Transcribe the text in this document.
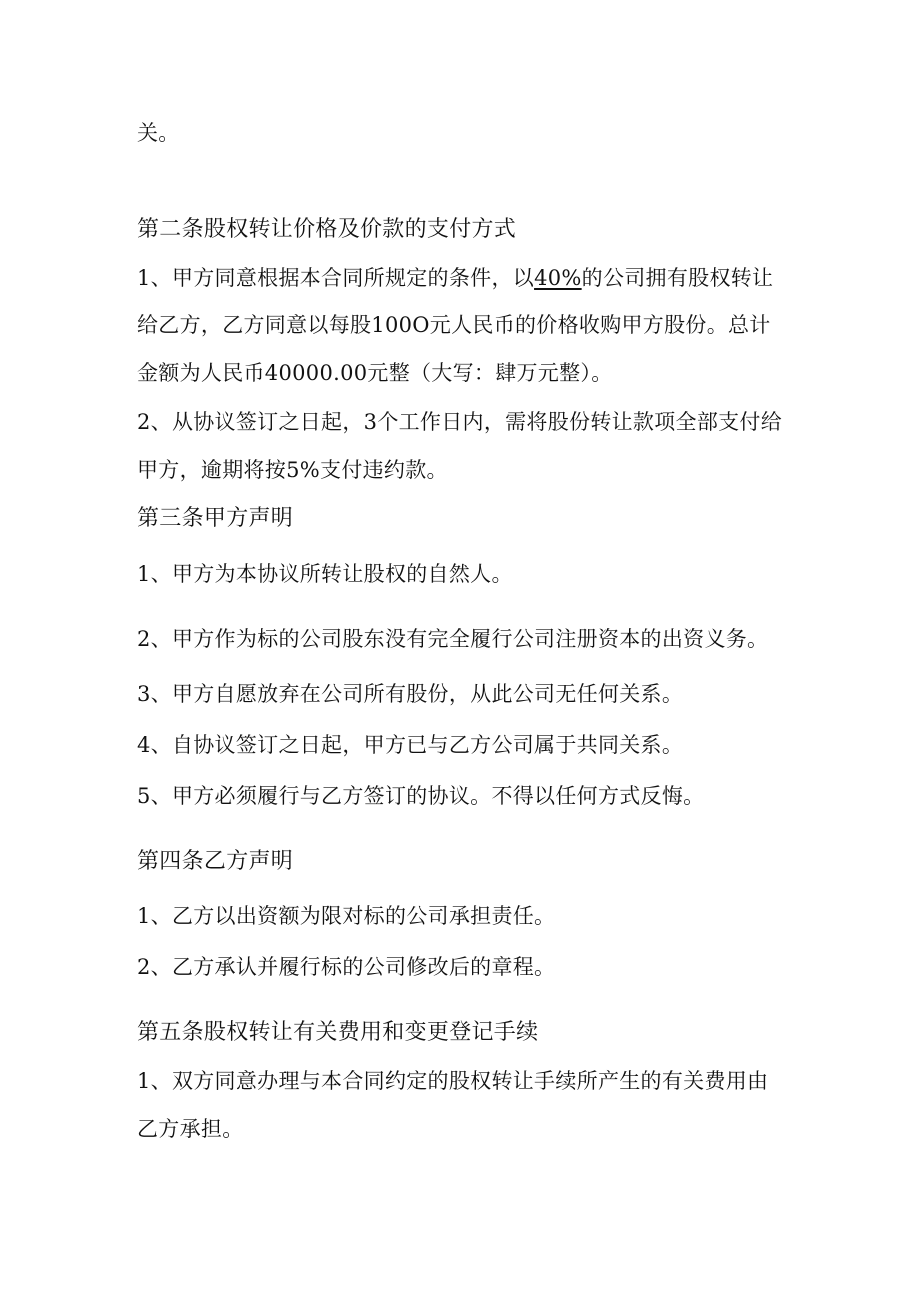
关。
第二条股权转让价格及价款的支付方式
1、甲方同意根据本合同所规定的条件，以40%的公司拥有股权转让
给乙方，乙方同意以每股100O元人民币的价格收购甲方股份。总计
金额为人民币40000.00元整（大写：肆万元整）。
2、从协议签订之日起，3个工作日内，需将股份转让款项全部支付给
甲方，逾期将按5%支付违约款。
第三条甲方声明
1、甲方为本协议所转让股权的自然人。
2、甲方作为标的公司股东没有完全履行公司注册资本的出资义务。
3、甲方自愿放弃在公司所有股份，从此公司无任何关系。
4、自协议签订之日起，甲方已与乙方公司属于共同关系。
5、甲方必须履行与乙方签订的协议。不得以任何方式反悔。
第四条乙方声明
1、乙方以出资额为限对标的公司承担责任。
2、乙方承认并履行标的公司修改后的章程。
第五条股权转让有关费用和变更登记手续
1、双方同意办理与本合同约定的股权转让手续所产生的有关费用由
乙方承担。
